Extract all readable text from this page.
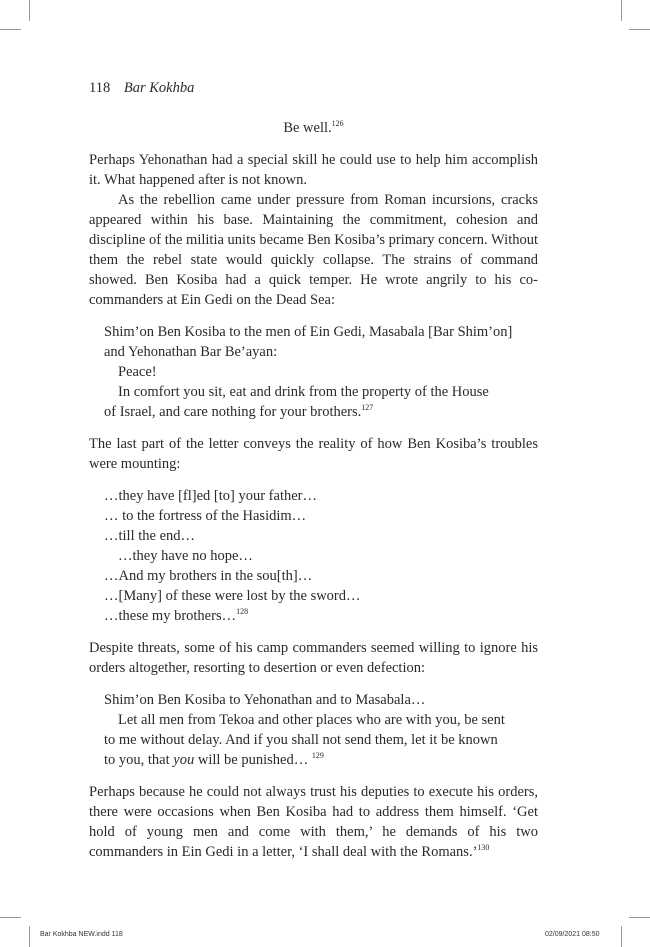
118 Bar Kokhba

Be well.$^{126}$

Perhaps Yehonathan had a special skill he could use to help him accomplish it. What happened after is not known.

As the rebellion came under pressure from Roman incursions, cracks appeared within his base. Maintaining the commitment, cohesion and discipline of the militia units became Ben Kosiba’s primary concern. Without them the rebel state would quickly collapse. The strains of command showed. Ben Kosiba had a quick temper. He wrote angrily to his co-commanders at Ein Gedi on the Dead Sea:

Shim’on Ben Kosiba to the men of Ein Gedi, Masabala [Bar Shim’on]

and Yehonathan Bar Be’ayan:

Peace!

In comfort you sit, eat and drink from the property of the House

of Israel, and care nothing for your brothers.$^{127}$

The last part of the letter conveys the reality of how Ben Kosiba’s troubles were mounting:

…they have [fl]ed [to] your father…

… to the fortress of the Hasidim…

…till the end…

…they have no hope…

…And my brothers in the sou[th]…

…[Many] of these were lost by the sword…

…these my brothers…$^{128}$

Despite threats, some of his camp commanders seemed willing to ignore his orders altogether, resorting to desertion or even defection:

Shim’on Ben Kosiba to Yehonathan and to Masabala…

Let all men from Tekoa and other places who are with you, be sent

to me without delay. And if you shall not send them, let it be known

to you, that you will be punished… $^{129}$

Perhaps because he could not always trust his deputies to execute his orders, there were occasions when Ben Kosiba had to address them himself. ‘Get hold of young men and come with them,’ he demands of his two commanders in Ein Gedi in a letter, ‘I shall deal with the Romans.’$^{130}$

Bar Kokhba NEW.indd 118	02/09/2021 08:50
